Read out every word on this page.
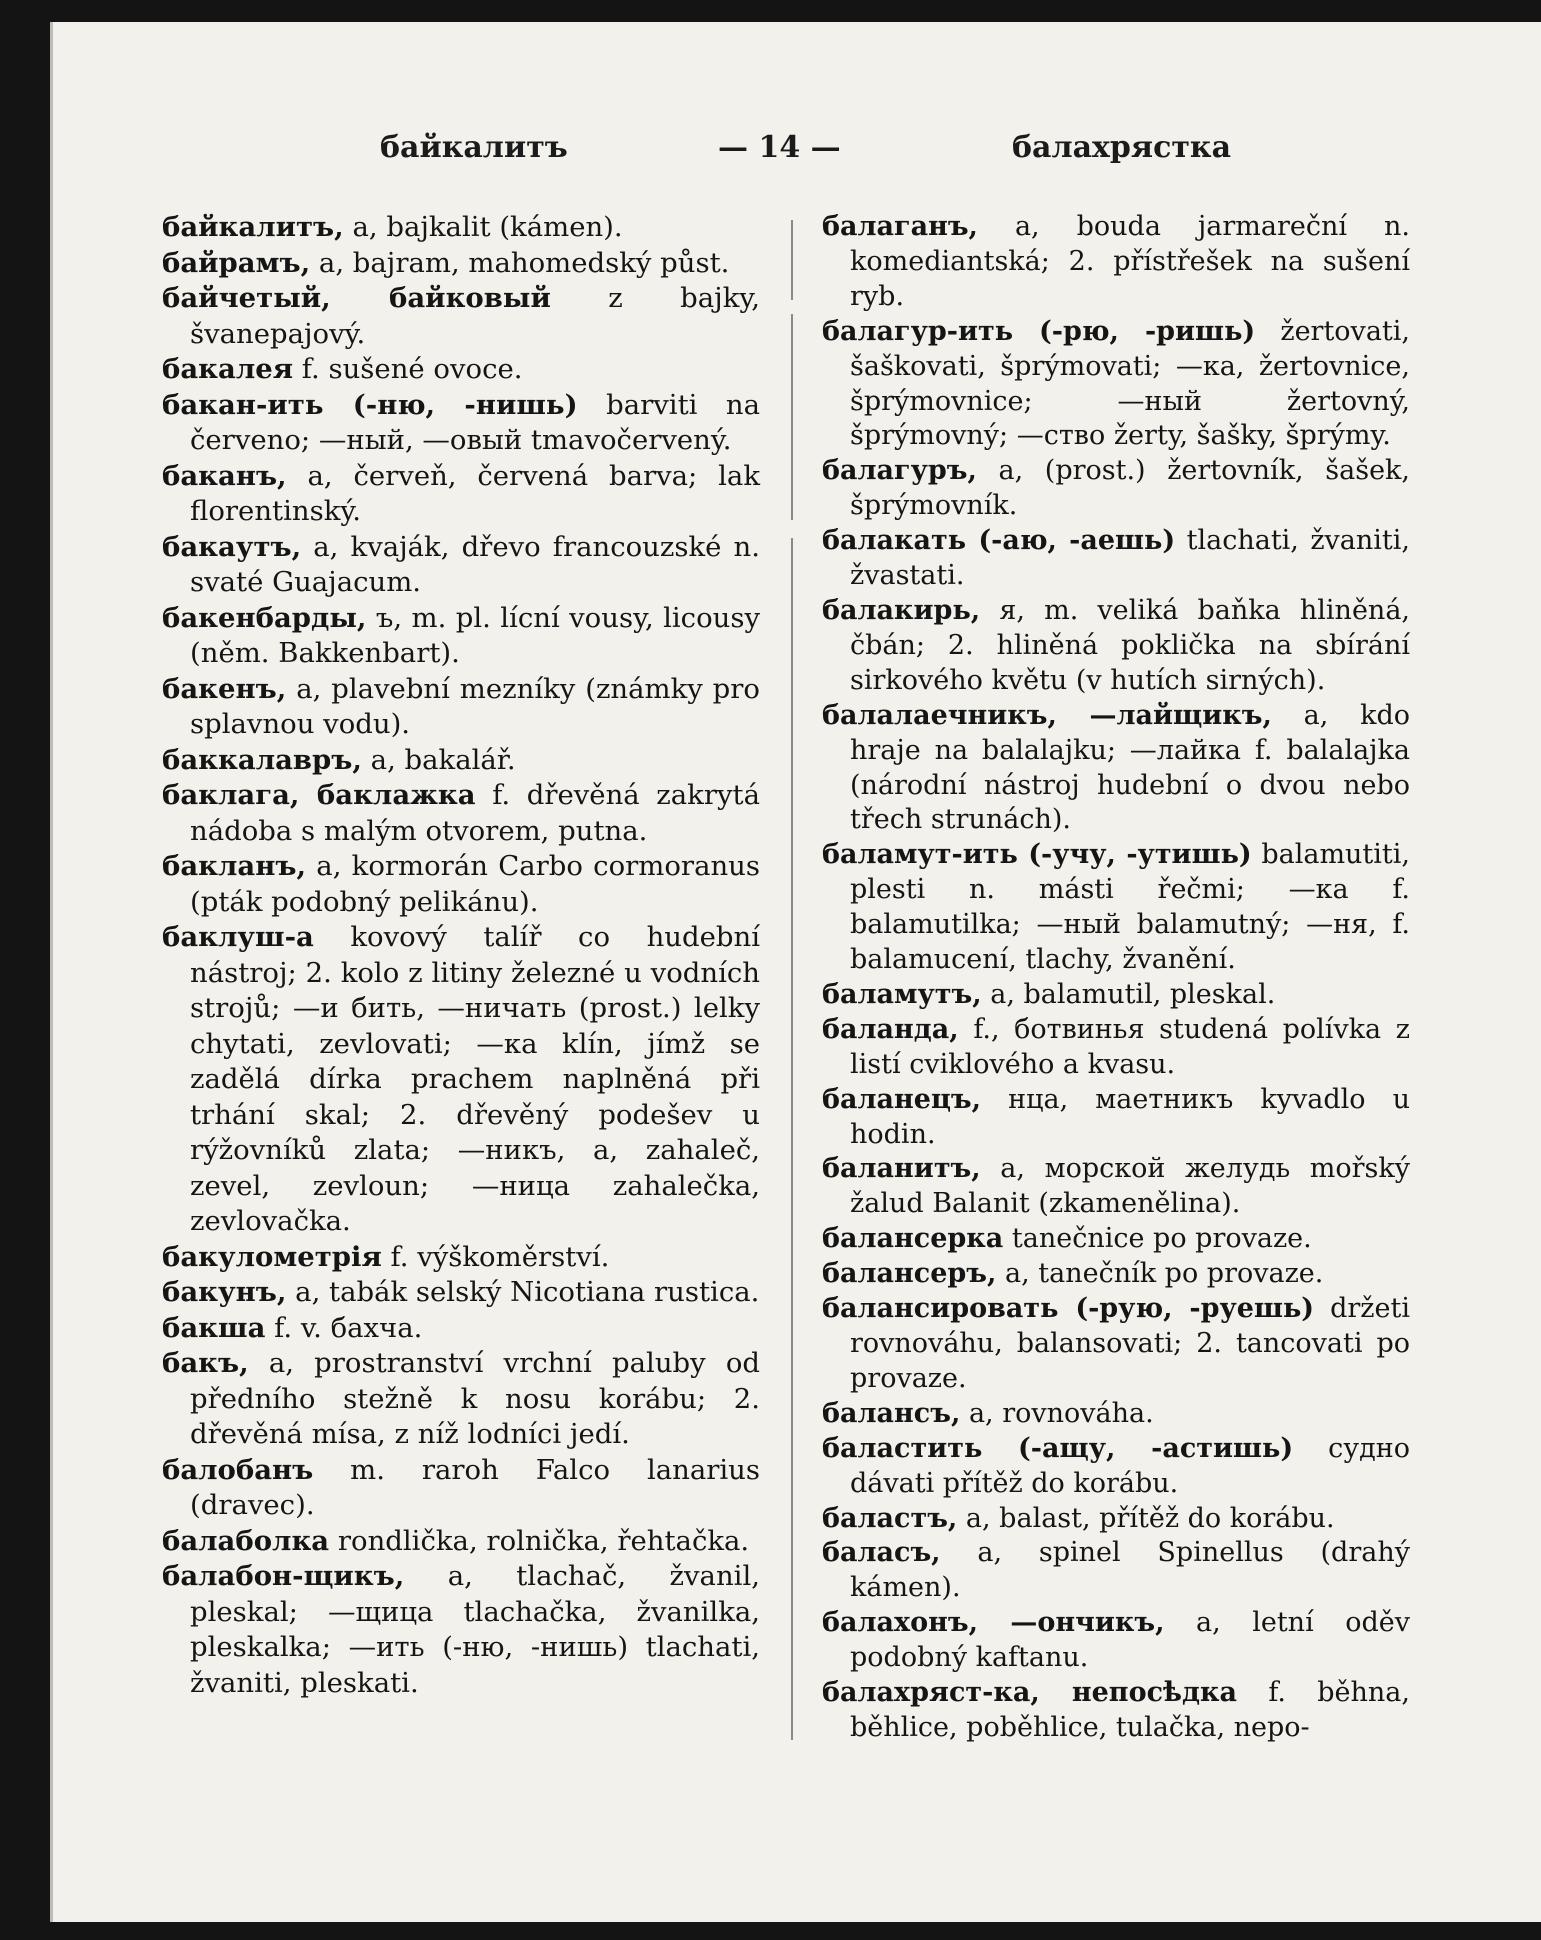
байкалитъ	— 14 —	балахрястка

байкалитъ, a, bajkalit (kámen).

байрамъ, a, bajram, mahomedský půst.

байчетый, байковый z bajky, švanepajový.

бакалея f. sušené ovoce.

бакан-ить (-ню, -нишь) barviti na červeno; —ный, —овый tmavočervený.

баканъ, a, červeň, červená barva; lak florentinský.

бакаутъ, a, kvaják, dřevo francouzské n. svaté Guajacum.

бакенбарды, ъ, m. pl. lícní vousy, licousy (něm. Bakkenbart).

бакенъ, a, plavební mezníky (známky pro splavnou vodu).

баккалавръ, a, bakalář.

баклага, баклажка f. dřevěná zakrytá nádoba s malým otvorem, putna.

бакланъ, a, kormorán Carbo cormoranus (pták podobný pelikánu).

баклуш-а kovový talíř co hudební nástroj; 2. kolo z litiny železné u vodních strojů; —и бить, —ничать (prost.) lelky chytati, zevlovati; —ка klín, jímž se zadělá dírka prachem naplněná při trhání skal; 2. dřevěný podešev u rýžovníků zlata; —никъ, a, zahaleč, zevel, zevloun; —ница zahalečka, zevlovačka.

бакулометрія f. výškoměrství.

бакунъ, a, tabák selský Nicotiana rustica.

бакша f. v. бахча.

бакъ, a, prostranství vrchní paluby od předního stežně k nosu korábu; 2. dřevěná mísa, z níž lodníci jedí.

балобанъ m. raroh Falco lanarius (dravec).

балаболка rondlička, rolnička, řehtačka.

балабон-щикъ, a, tlachač, žvanil, pleskal; —щица tlachačka, žvanilka, pleskalka; —ить (-ню, -нишь) tlachati, žvaniti, pleskati.

балаганъ, a, bouda jarmareční n. komediantská; 2. přístřešek na sušení ryb.

балагур-ить (-рю, -ришь) žertovati, šaškovati, šprýmovati; —ка, žertovnice, šprýmovnice; —ный žertovný, šprýmovný; —ство žerty, šašky, šprýmy.

балагуръ, a, (prost.) žertovník, šašek, šprýmovník.

балакать (-аю, -аешь) tlachati, žvaniti, žvastati.

балакирь, я, m. veliká baňka hliněná, čbán; 2. hliněná poklička na sbírání sirkového květu (v hutích sirných).

балалаечникъ, —лайщикъ, a, kdo hraje na balalajku; —лайка f. balalajka (národní nástroj hudební o dvou nebo třech strunách).

баламут-ить (-учу, -утишь) balamutiti, plesti n. másti řečmi; —ка f. balamutilka; —ный balamutný; —ня, f. balamucení, tlachy, žvanění.

баламутъ, a, balamutil, pleskal.

баланда, f., ботвинья studená polívka z listí cviklového a kvasu.

баланецъ, нца, маетникъ kyvadlo u hodin.

баланитъ, a, морской желудь mořský žalud Balanit (zkamenělina).

балансерка tanečnice po provaze.

балансеръ, a, tanečník po provaze.

балансировать (-рую, -руешь) držeti rovnováhu, balansovati; 2. tancovati po provaze.

балансъ, a, rovnováha.

баластить (-ащу, -астишь) судно dávati přítěž do korábu.

баластъ, a, balast, přítěž do korábu.

баласъ, a, spinel Spinellus (drahý kámen).

балахонъ, —ончикъ, a, letní oděv podobný kaftanu.

балахряст-ка, непосѣдка f. běhna, běhlice, poběhlice, tulačka, nepo-
